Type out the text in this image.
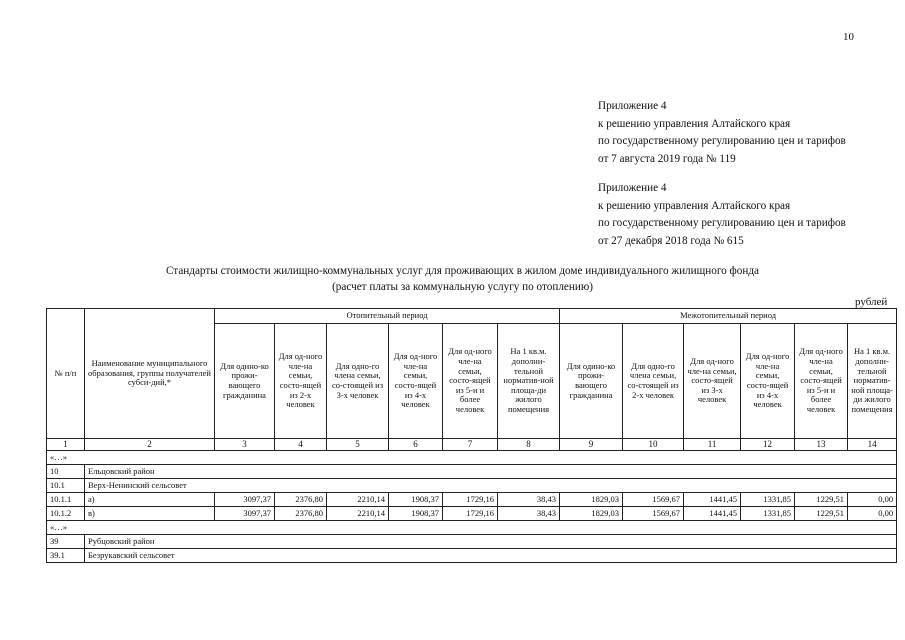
10
Приложение 4
к решению управления Алтайского края
по государственному регулированию цен и тарифов
от 7 августа 2019 года № 119
Приложение 4
к решению управления Алтайского края
по государственному регулированию цен и тарифов
от 27 декабря 2018 года № 615
Стандарты стоимости жилищно-коммунальных услуг для проживающих в жилом доме индивидуального жилищного фонда
(расчет платы за коммунальную услугу по отоплению)
рублей
№ п/п	Наименование муниципального образования, группы получателей субси-дий,*	Отопительный период						Межотопительный период					
		Для одино-ко прожи-вающего гражданина	Для од-ного чле-на семьи, состо-ящей из 2-х человек	Для одно-го члена семьи, со-стоящей из 3-х человек	Для од-ного чле-на семьи, состо-ящей из 4-х человек	Для од-ного чле-на семьи, состо-ящей из 5-и и более человек	На 1 кв.м. дополни-тельной норматив-ной площа-ди жилого помещения	Для одино-ко прожи-вающего гражданина	Для одно-го члена семьи, со-стоящей из 2-х человек	Для од-ного чле-на семьи, состо-ящей из 3-х человек	Для од-ного чле-на семьи, состо-ящей из 4-х человек	Для од-ного чле-на семьи, состо-ящей из 5-и и более человек	На 1 кв.м. дополни-тельной норматив-ной площа-ди жилого помещения
1	2	3	4	5	6	7	8	9	10	11	12	13	14
«…»													
10	Ельцовский район												
10.1	Верх-Ненинский сельсовет												
10.1.1	а)	3097,37	2376,80	2210,14	1908,37	1729,16	38,43	1829,03	1569,67	1441,45	1331,85	1229,51	0,00
10.1.2	в)	3097,37	2376,80	2210,14	1908,37	1729,16	38,43	1829,03	1569,67	1441,45	1331,85	1229,51	0,00
«…»													
39	Рубцовский район												
39.1	Безрукавский сельсовет												
